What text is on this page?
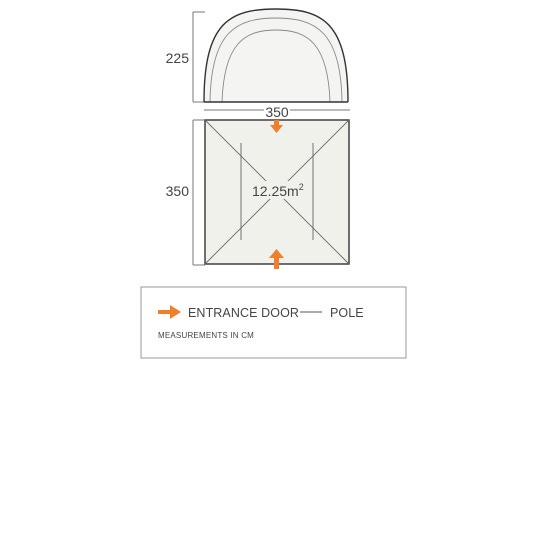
225
350
350	$12.25m^2$
ENTRANCE DOOR POLE
MEASUREMENTS IN CM
